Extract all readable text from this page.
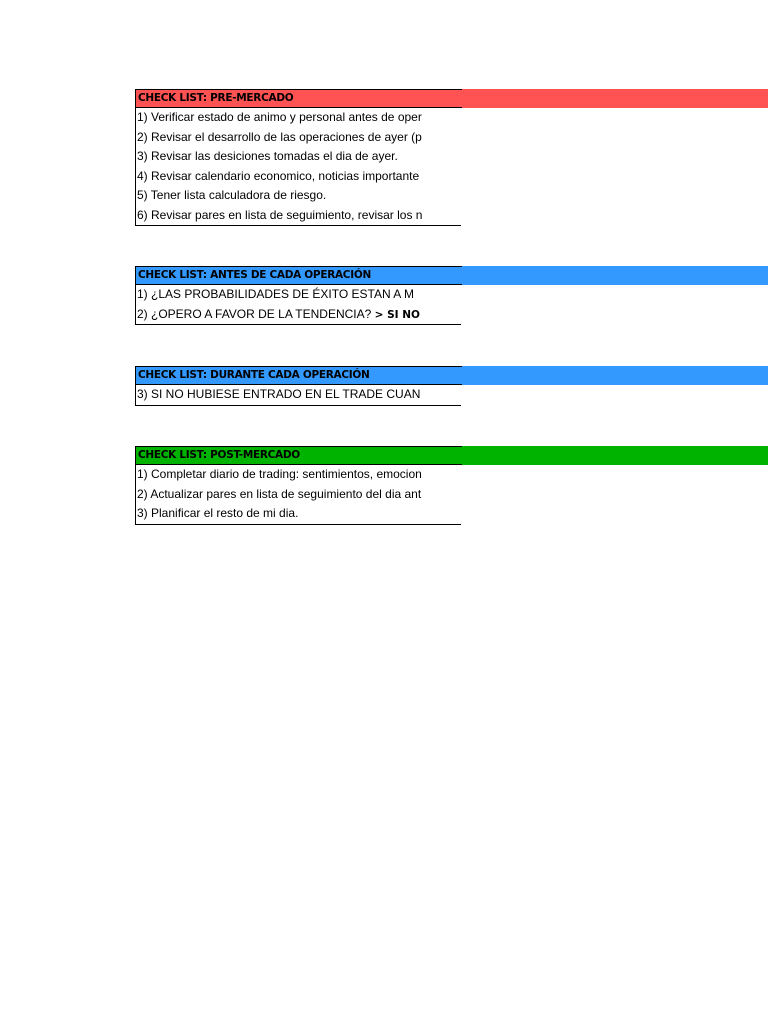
CHECK LIST: PRE-MERCADO
1) Verificar estado de animo y personal antes de oper
2) Revisar el desarrollo de las operaciones de ayer (p
3) Revisar las desiciones tomadas el dia de ayer.
4) Revisar calendario economico, noticias importante
5) Tener lista calculadora de riesgo.
6) Revisar pares en lista de seguimiento, revisar los n
CHECK LIST: ANTES DE CADA OPERACIÓN
1) ¿LAS PROBABILIDADES DE ÉXITO ESTAN A M
2) ¿OPERO A FAVOR DE LA TENDENCIA? > SI NO
CHECK LIST: DURANTE CADA OPERACIÓN
3) SI NO HUBIESE ENTRADO EN EL TRADE CUAN
CHECK LIST: POST-MERCADO
1) Completar diario de trading: sentimientos, emocion
2) Actualizar pares en lista de seguimiento del dia ant
3) Planificar el resto de mi dia.
